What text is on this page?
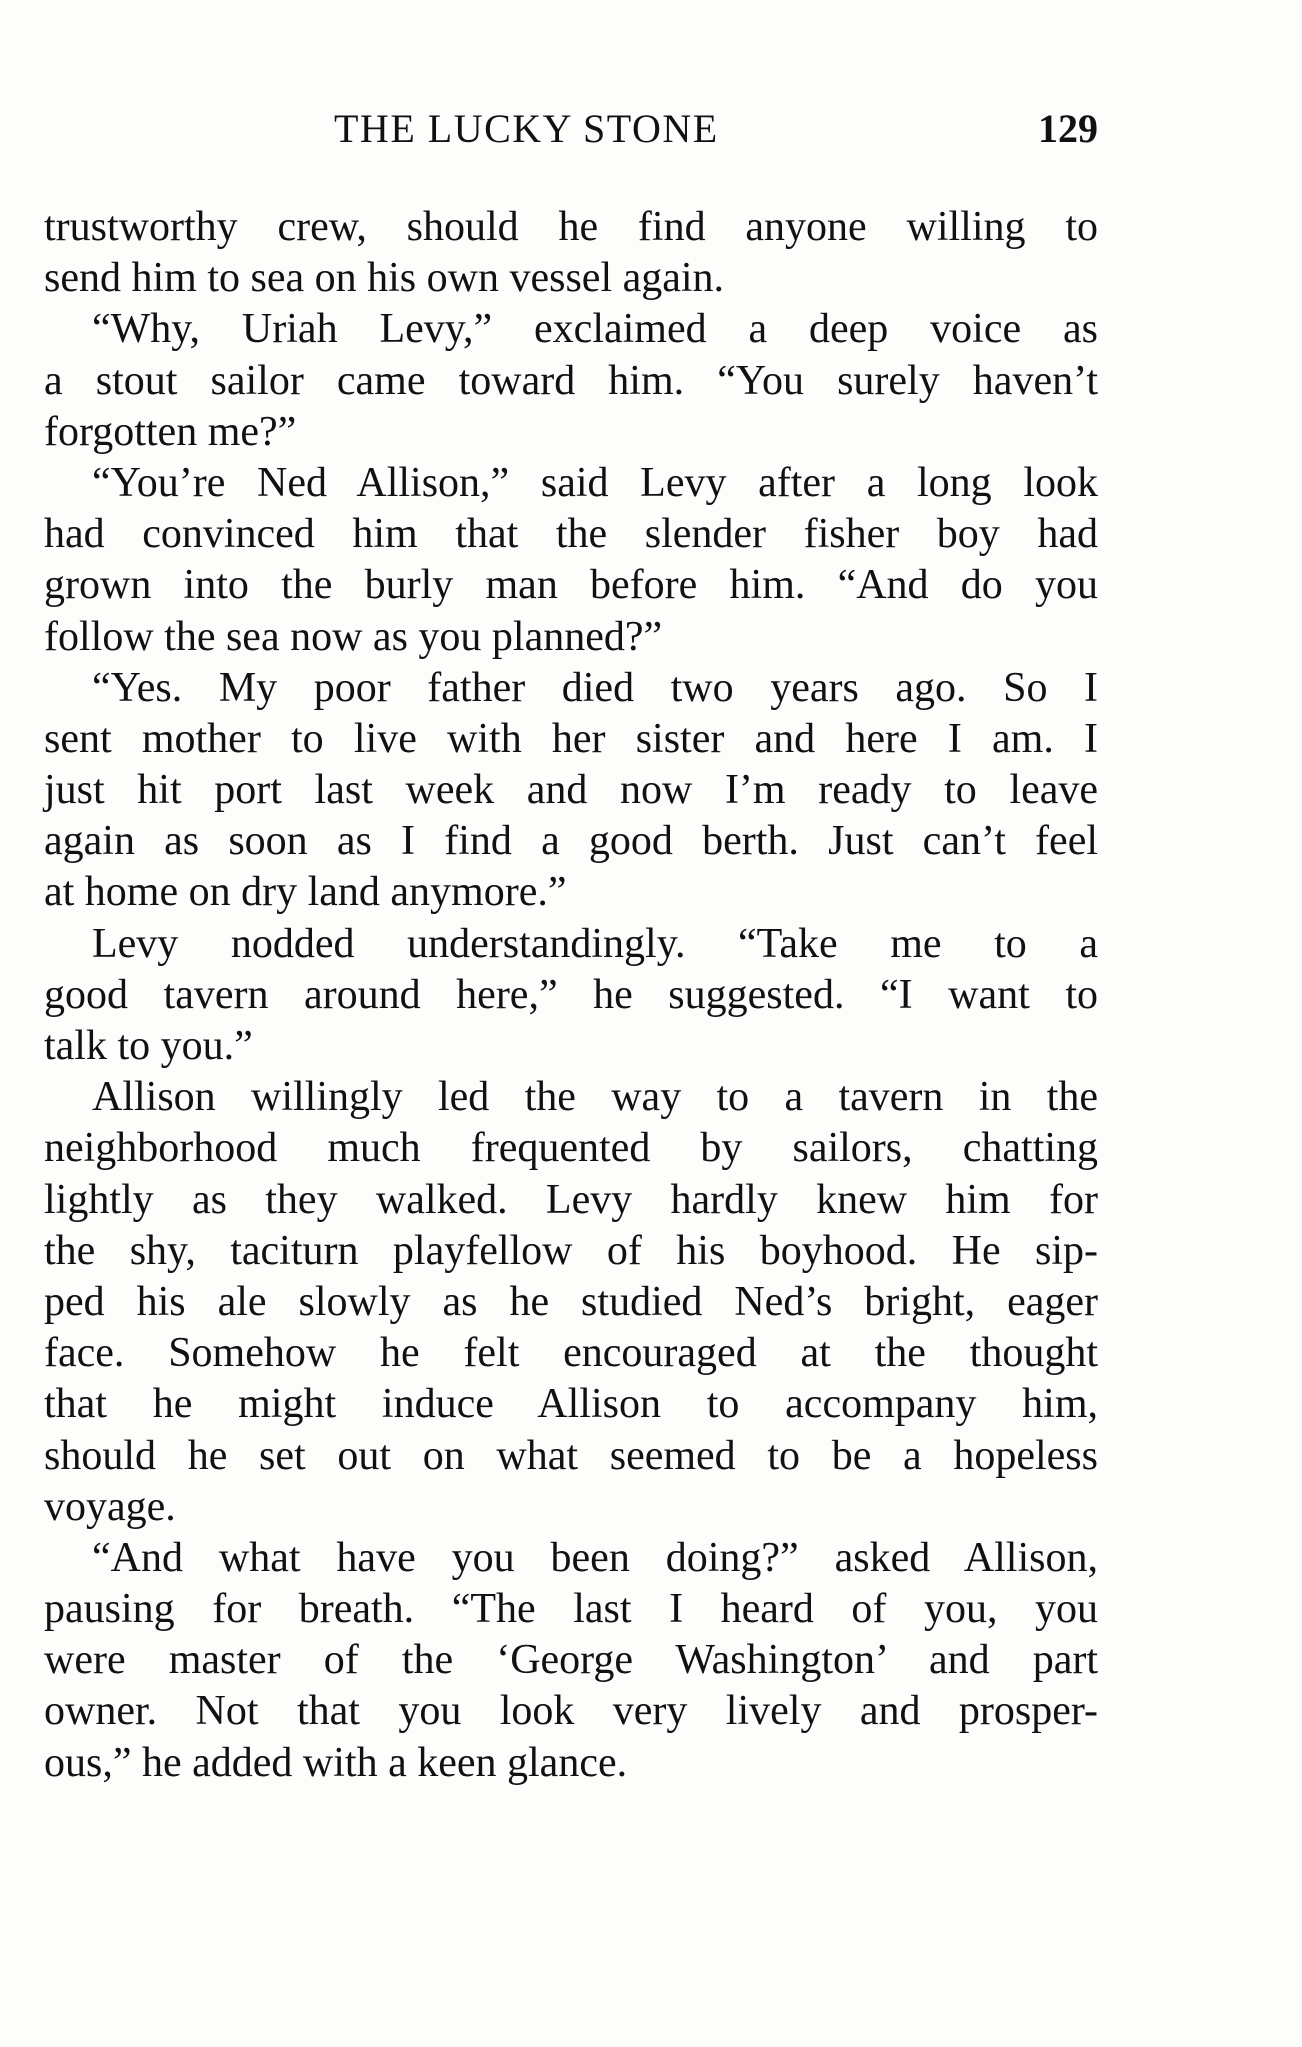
THE LUCKY STONE	129
trustworthy crew, should he find anyone willing to
send him to sea on his own vessel again.
“Why, Uriah Levy,” exclaimed a deep voice as
a stout sailor came toward him. “You surely haven’t
forgotten me?”
“You’re Ned Allison,” said Levy after a long look
had convinced him that the slender fisher boy had
grown into the burly man before him. “And do you
follow the sea now as you planned?”
“Yes. My poor father died two years ago. So I
sent mother to live with her sister and here I am. I
just hit port last week and now I’m ready to leave
again as soon as I find a good berth. Just can’t feel
at home on dry land anymore.”
Levy nodded understandingly. “Take me to a
good tavern around here,” he suggested. “I want to
talk to you.”
Allison willingly led the way to a tavern in the
neighborhood much frequented by sailors, chatting
lightly as they walked. Levy hardly knew him for
the shy, taciturn playfellow of his boyhood. He sip-
ped his ale slowly as he studied Ned’s bright, eager
face. Somehow he felt encouraged at the thought
that he might induce Allison to accompany him,
should he set out on what seemed to be a hopeless
voyage.
“And what have you been doing?” asked Allison,
pausing for breath. “The last I heard of you, you
were master of the ‘George Washington’ and part
owner. Not that you look very lively and prosper-
ous,” he added with a keen glance.
